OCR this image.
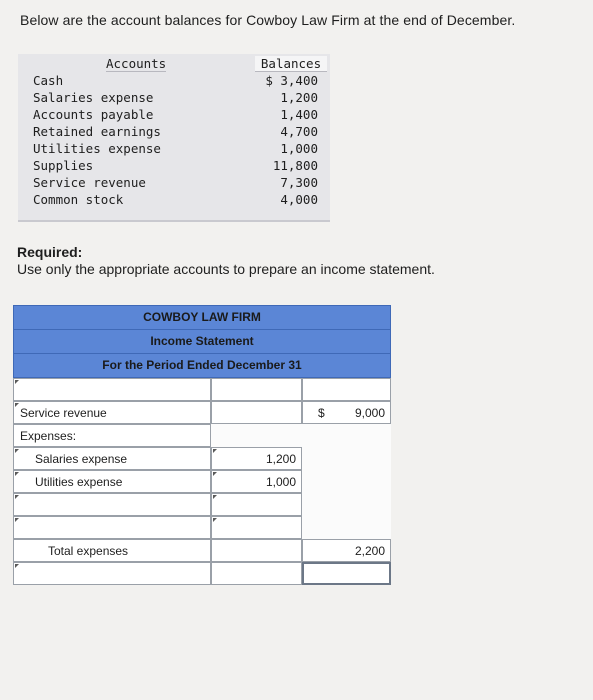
Below are the account balances for Cowboy Law Firm at the end of December.
Accounts	Balances
Cash	$ 3,400
Salaries expense	1,200
Accounts payable	1,400
Retained earnings	4,700
Utilities expense	1,000
Supplies	11,800
Service revenue	7,300
Common stock	4,000
Required:
Use only the appropriate accounts to prepare an income statement.
COWBOY LAW FIRM
Income Statement
For the Period Ended December 31
Service revenue	$	9,000
Expenses:
Salaries expense	1,200
Utilities expense	1,000
Total expenses	2,200
